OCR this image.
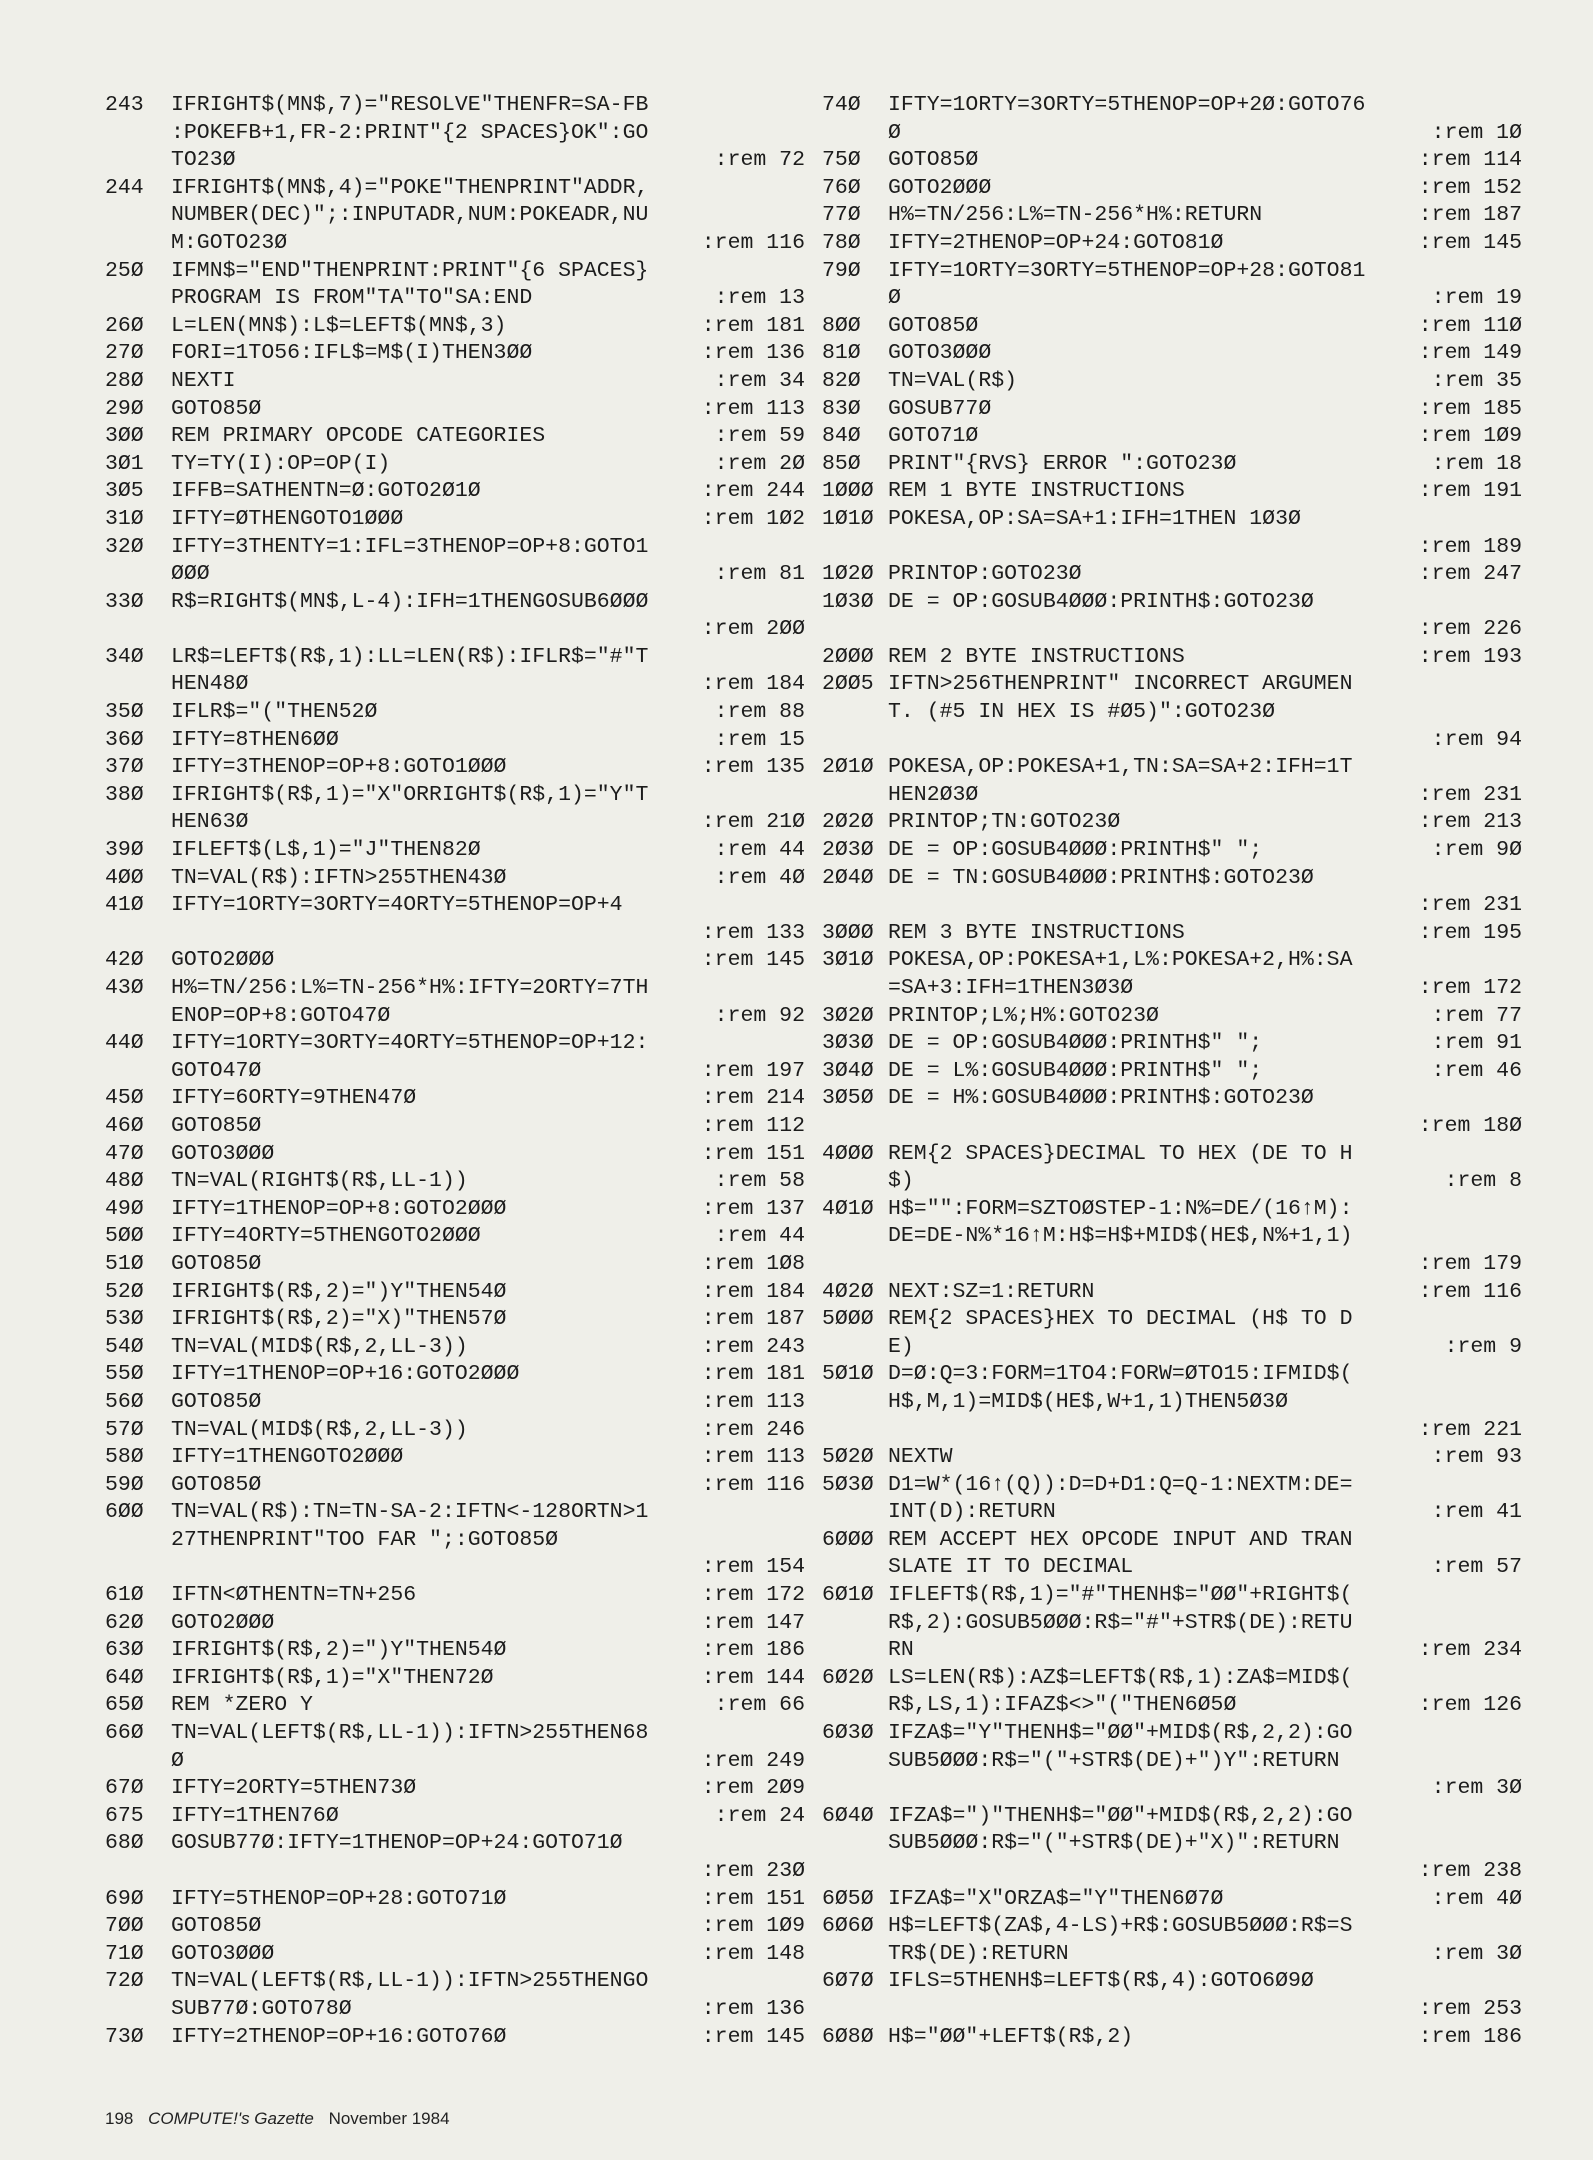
243	IFRIGHT$(MN$,7)="RESOLVE"THENFR=SA-FB
:POKEFB+1,FR-2:PRINT"{2 SPACES}OK":GO
TO23Ø	:rem 72
244	IFRIGHT$(MN$,4)="POKE"THENPRINT"ADDR,
NUMBER(DEC)";:INPUTADR,NUM:POKEADR,NU
M:GOTO23Ø	:rem 116
25Ø	IFMN$="END"THENPRINT:PRINT"{6 SPACES}
PROGRAM IS FROM"TA"TO"SA:END	:rem 13
26Ø	L=LEN(MN$):L$=LEFT$(MN$,3)	:rem 181
27Ø	FORI=1TO56:IFL$=M$(I)THEN3ØØ	:rem 136
28Ø	NEXTI	:rem 34
29Ø	GOTO85Ø	:rem 113
3ØØ	REM PRIMARY OPCODE CATEGORIES	:rem 59
3Ø1	TY=TY(I):OP=OP(I)	:rem 2Ø
3Ø5	IFFB=SATHENTN=Ø:GOTO2Ø1Ø	:rem 244
31Ø	IFTY=ØTHENGOTO1ØØØ	:rem 1Ø2
32Ø	IFTY=3THENTY=1:IFL=3THENOP=OP+8:GOTO1
ØØØ	:rem 81
33Ø	R$=RIGHT$(MN$,L-4):IFH=1THENGOSUB6ØØØ
:rem 2ØØ
34Ø	LR$=LEFT$(R$,1):LL=LEN(R$):IFLR$="#"T
HEN48Ø	:rem 184
35Ø	IFLR$="("THEN52Ø	:rem 88
36Ø	IFTY=8THEN6ØØ	:rem 15
37Ø	IFTY=3THENOP=OP+8:GOTO1ØØØ	:rem 135
38Ø	IFRIGHT$(R$,1)="X"ORRIGHT$(R$,1)="Y"T
HEN63Ø	:rem 21Ø
39Ø	IFLEFT$(L$,1)="J"THEN82Ø	:rem 44
4ØØ	TN=VAL(R$):IFTN>255THEN43Ø	:rem 4Ø
41Ø	IFTY=1ORTY=3ORTY=4ORTY=5THENOP=OP+4
:rem 133
42Ø	GOTO2ØØØ	:rem 145
43Ø	H%=TN/256:L%=TN-256*H%:IFTY=2ORTY=7TH
ENOP=OP+8:GOTO47Ø	:rem 92
44Ø	IFTY=1ORTY=3ORTY=4ORTY=5THENOP=OP+12:
GOTO47Ø	:rem 197
45Ø	IFTY=6ORTY=9THEN47Ø	:rem 214
46Ø	GOTO85Ø	:rem 112
47Ø	GOTO3ØØØ	:rem 151
48Ø	TN=VAL(RIGHT$(R$,LL-1))	:rem 58
49Ø	IFTY=1THENOP=OP+8:GOTO2ØØØ	:rem 137
5ØØ	IFTY=4ORTY=5THENGOTO2ØØØ	:rem 44
51Ø	GOTO85Ø	:rem 1Ø8
52Ø	IFRIGHT$(R$,2)=")Y"THEN54Ø	:rem 184
53Ø	IFRIGHT$(R$,2)="X)"THEN57Ø	:rem 187
54Ø	TN=VAL(MID$(R$,2,LL-3))	:rem 243
55Ø	IFTY=1THENOP=OP+16:GOTO2ØØØ	:rem 181
56Ø	GOTO85Ø	:rem 113
57Ø	TN=VAL(MID$(R$,2,LL-3))	:rem 246
58Ø	IFTY=1THENGOTO2ØØØ	:rem 113
59Ø	GOTO85Ø	:rem 116
6ØØ	TN=VAL(R$):TN=TN-SA-2:IFTN<-128ORTN>1
27THENPRINT"TOO FAR ";:GOTO85Ø
:rem 154
61Ø	IFTN<ØTHENTN=TN+256	:rem 172
62Ø	GOTO2ØØØ	:rem 147
63Ø	IFRIGHT$(R$,2)=")Y"THEN54Ø	:rem 186
64Ø	IFRIGHT$(R$,1)="X"THEN72Ø	:rem 144
65Ø	REM *ZERO Y	:rem 66
66Ø	TN=VAL(LEFT$(R$,LL-1)):IFTN>255THEN68
Ø	:rem 249
67Ø	IFTY=2ORTY=5THEN73Ø	:rem 2Ø9
675	IFTY=1THEN76Ø	:rem 24
68Ø	GOSUB77Ø:IFTY=1THENOP=OP+24:GOTO71Ø
:rem 23Ø
69Ø	IFTY=5THENOP=OP+28:GOTO71Ø	:rem 151
7ØØ	GOTO85Ø	:rem 1Ø9
71Ø	GOTO3ØØØ	:rem 148
72Ø	TN=VAL(LEFT$(R$,LL-1)):IFTN>255THENGO
SUB77Ø:GOTO78Ø	:rem 136
73Ø	IFTY=2THENOP=OP+16:GOTO76Ø	:rem 145
74Ø	IFTY=1ORTY=3ORTY=5THENOP=OP+2Ø:GOTO76
Ø	:rem 1Ø
75Ø	GOTO85Ø	:rem 114
76Ø	GOTO2ØØØ	:rem 152
77Ø	H%=TN/256:L%=TN-256*H%:RETURN	:rem 187
78Ø	IFTY=2THENOP=OP+24:GOTO81Ø	:rem 145
79Ø	IFTY=1ORTY=3ORTY=5THENOP=OP+28:GOTO81
Ø	:rem 19
8ØØ	GOTO85Ø	:rem 11Ø
81Ø	GOTO3ØØØ	:rem 149
82Ø	TN=VAL(R$)	:rem 35
83Ø	GOSUB77Ø	:rem 185
84Ø	GOTO71Ø	:rem 1Ø9
85Ø	PRINT"{RVS} ERROR ":GOTO23Ø	:rem 18
1ØØØ REM 1 BYTE INSTRUCTIONS	:rem 191
1Ø1Ø POKESA,OP:SA=SA+1:IFH=1THEN 1Ø3Ø
:rem 189
1Ø2Ø PRINTOP:GOTO23Ø	:rem 247
1Ø3Ø DE = OP:GOSUB4ØØØ:PRINTH$:GOTO23Ø
:rem 226
2ØØØ REM 2 BYTE INSTRUCTIONS	:rem 193
2ØØ5 IFTN>256THENPRINT" INCORRECT ARGUMEN
T. (#5 IN HEX IS #Ø5)":GOTO23Ø
:rem 94
2Ø1Ø POKESA,OP:POKESA+1,TN:SA=SA+2:IFH=1T
HEN2Ø3Ø	:rem 231
2Ø2Ø PRINTOP;TN:GOTO23Ø	:rem 213
2Ø3Ø DE = OP:GOSUB4ØØØ:PRINTH$" ";	:rem 9Ø
2Ø4Ø DE = TN:GOSUB4ØØØ:PRINTH$:GOTO23Ø
:rem 231
3ØØØ REM 3 BYTE INSTRUCTIONS	:rem 195
3Ø1Ø POKESA,OP:POKESA+1,L%:POKESA+2,H%:SA
=SA+3:IFH=1THEN3Ø3Ø	:rem 172
3Ø2Ø PRINTOP;L%;H%:GOTO23Ø	:rem 77
3Ø3Ø DE = OP:GOSUB4ØØØ:PRINTH$" ";	:rem 91
3Ø4Ø DE = L%:GOSUB4ØØØ:PRINTH$" ";	:rem 46
3Ø5Ø DE = H%:GOSUB4ØØØ:PRINTH$:GOTO23Ø
:rem 18Ø
4ØØØ REM{2 SPACES}DECIMAL TO HEX (DE TO H
$)	:rem 8
4Ø1Ø H$="":FORM=SZTOØSTEP-1:N%=DE/(16↑M):
DE=DE-N%*16↑M:H$=H$+MID$(HE$,N%+1,1)
:rem 179
4Ø2Ø NEXT:SZ=1:RETURN	:rem 116
5ØØØ REM{2 SPACES}HEX TO DECIMAL (H$ TO D
E)	:rem 9
5Ø1Ø D=Ø:Q=3:FORM=1TO4:FORW=ØTO15:IFMID$(
H$,M,1)=MID$(HE$,W+1,1)THEN5Ø3Ø
:rem 221
5Ø2Ø NEXTW	:rem 93
5Ø3Ø D1=W*(16↑(Q)):D=D+D1:Q=Q-1:NEXTM:DE=
INT(D):RETURN	:rem 41
6ØØØ REM ACCEPT HEX OPCODE INPUT AND TRAN
SLATE IT TO DECIMAL	:rem 57
6Ø1Ø IFLEFT$(R$,1)="#"THENH$="ØØ"+RIGHT$(
R$,2):GOSUB5ØØØ:R$="#"+STR$(DE):RETU
RN	:rem 234
6Ø2Ø LS=LEN(R$):AZ$=LEFT$(R$,1):ZA$=MID$(
R$,LS,1):IFAZ$<>"("THEN6Ø5Ø	:rem 126
6Ø3Ø IFZA$="Y"THENH$="ØØ"+MID$(R$,2,2):GO
SUB5ØØØ:R$="("+STR$(DE)+")Y":RETURN
:rem 3Ø
6Ø4Ø IFZA$=")"THENH$="ØØ"+MID$(R$,2,2):GO
SUB5ØØØ:R$="("+STR$(DE)+"X)":RETURN
:rem 238
6Ø5Ø IFZA$="X"ORZA$="Y"THEN6Ø7Ø	:rem 4Ø
6Ø6Ø H$=LEFT$(ZA$,4-LS)+R$:GOSUB5ØØØ:R$=S
TR$(DE):RETURN	:rem 3Ø
6Ø7Ø IFLS=5THENH$=LEFT$(R$,4):GOTO6Ø9Ø
:rem 253
6Ø8Ø H$="ØØ"+LEFT$(R$,2)	:rem 186
198 COMPUTE!'s Gazette November 1984
